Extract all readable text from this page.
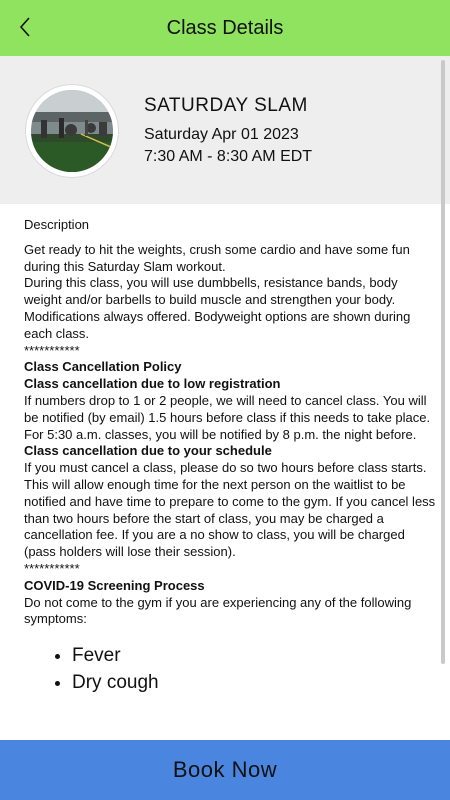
Class Details
SATURDAY SLAM
Saturday Apr 01 2023
7:30 AM - 8:30 AM EDT

Description

Get ready to hit the weights, crush some cardio and have some fun during this Saturday Slam workout.

During this class, you will use dumbbells, resistance bands, body weight and/or barbells to build muscle and strengthen your body. Modifications always offered. Bodyweight options are shown during each class.

***********

Class Cancellation Policy

Class cancellation due to low registration

If numbers drop to 1 or 2 people, we will need to cancel class. You will be notified (by email) 1.5 hours before class if this needs to take place. For 5:30 a.m. classes, you will be notified by 8 p.m. the night before.

Class cancellation due to your schedule

If you must cancel a class, please do so two hours before class starts. This will allow enough time for the next person on the waitlist to be notified and have time to prepare to come to the gym. If you cancel less than two hours before the start of class, you may be charged a cancellation fee. If you are a no show to class, you will be charged (pass holders will lose their session).

***********

COVID-19 Screening Process

Do not come to the gym if you are experiencing any of the following symptoms:

• Fever
• Dry cough
Book Now
